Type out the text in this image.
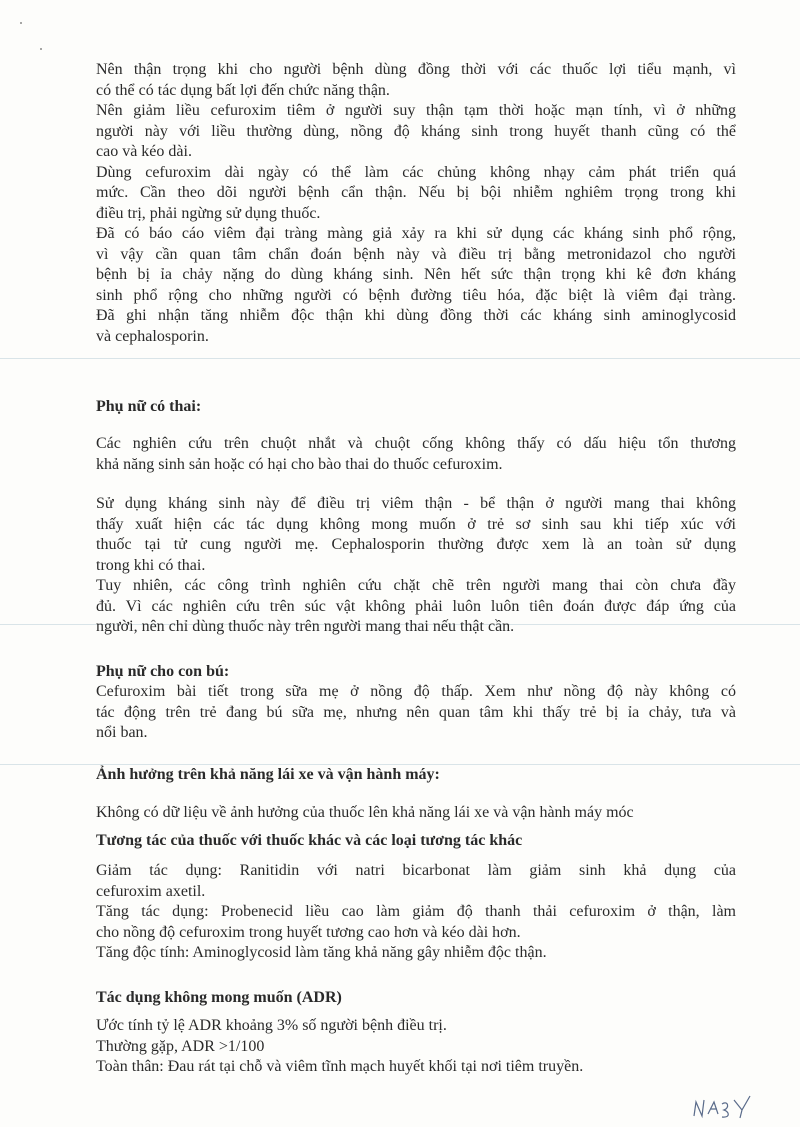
Nên thận trọng khi cho người bệnh dùng đồng thời với các thuốc lợi tiểu mạnh, vì
có thể có tác dụng bất lợi đến chức năng thận.
Nên giảm liều cefuroxim tiêm ở người suy thận tạm thời hoặc mạn tính, vì ở những
người này với liều thường dùng, nồng độ kháng sinh trong huyết thanh cũng có thể
cao và kéo dài.
Dùng cefuroxim dài ngày có thể làm các chủng không nhạy cảm phát triển quá
mức. Cần theo dõi người bệnh cẩn thận. Nếu bị bội nhiễm nghiêm trọng trong khi
điều trị, phải ngừng sử dụng thuốc.
Đã có báo cáo viêm đại tràng màng giả xảy ra khi sử dụng các kháng sinh phổ rộng,
vì vậy cần quan tâm chẩn đoán bệnh này và điều trị bằng metronidazol cho người
bệnh bị ỉa chảy nặng do dùng kháng sinh. Nên hết sức thận trọng khi kê đơn kháng
sinh phổ rộng cho những người có bệnh đường tiêu hóa, đặc biệt là viêm đại tràng.
Đã ghi nhận tăng nhiễm độc thận khi dùng đồng thời các kháng sinh aminoglycosid
và cephalosporin.
Phụ nữ có thai:
Các nghiên cứu trên chuột nhắt và chuột cống không thấy có dấu hiệu tổn thương
khả năng sinh sản hoặc có hại cho bào thai do thuốc cefuroxim.
Sử dụng kháng sinh này để điều trị viêm thận - bể thận ở người mang thai không
thấy xuất hiện các tác dụng không mong muốn ở trẻ sơ sinh sau khi tiếp xúc với
thuốc tại tử cung người mẹ. Cephalosporin thường được xem là an toàn sử dụng
trong khi có thai.
Tuy nhiên, các công trình nghiên cứu chặt chẽ trên người mang thai còn chưa đầy
đủ. Vì các nghiên cứu trên súc vật không phải luôn luôn tiên đoán được đáp ứng của
người, nên chỉ dùng thuốc này trên người mang thai nếu thật cần.
Phụ nữ cho con bú:
Cefuroxim bài tiết trong sữa mẹ ở nồng độ thấp. Xem như nồng độ này không có
tác động trên trẻ đang bú sữa mẹ, nhưng nên quan tâm khi thấy trẻ bị ỉa chảy, tưa và
nổi ban.
Ảnh hưởng trên khả năng lái xe và vận hành máy:
Không có dữ liệu về ảnh hưởng của thuốc lên khả năng lái xe và vận hành máy móc
Tương tác của thuốc với thuốc khác và các loại tương tác khác
Giảm tác dụng: Ranitidin với natri bicarbonat làm giảm sinh khả dụng của
cefuroxim axetil.
Tăng tác dụng: Probenecid liều cao làm giảm độ thanh thải cefuroxim ở thận, làm
cho nồng độ cefuroxim trong huyết tương cao hơn và kéo dài hơn.
Tăng độc tính: Aminoglycosid làm tăng khả năng gây nhiễm độc thận.
Tác dụng không mong muốn (ADR)
Ước tính tỷ lệ ADR khoảng 3% số người bệnh điều trị.
Thường gặp, ADR >1/100
Toàn thân: Đau rát tại chỗ và viêm tĩnh mạch huyết khối tại nơi tiêm truyền.
